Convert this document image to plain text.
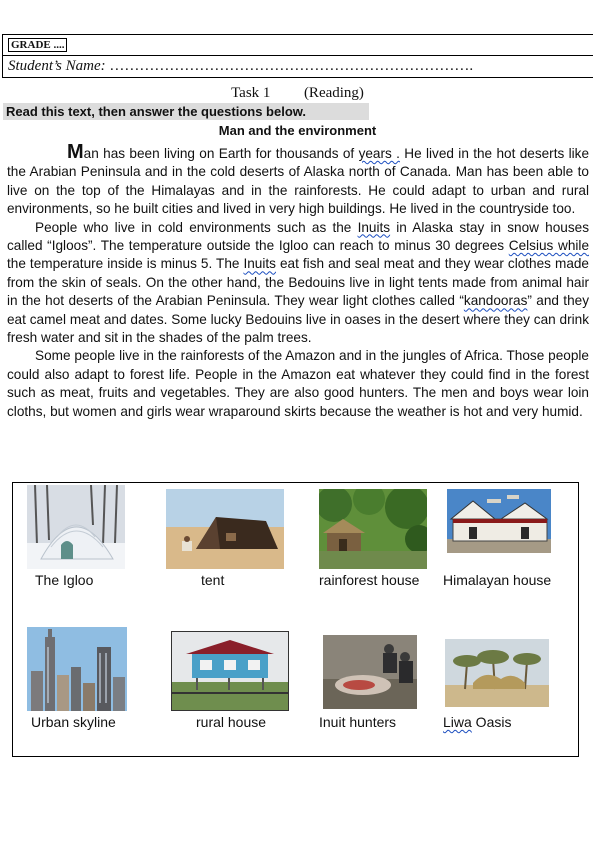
GRADE ....
Student’s Name: ……………………………………………………………….
Task 1 (Reading)
Read this text, then answer the questions below.
Man and the environment

Man has been living on Earth for thousands of years . He lived in the hot deserts like the Arabian Peninsula and in the cold deserts of Alaska north of Canada. Man has been able to live on the top of the Himalayas and in the rainforests. He could adapt to urban and rural environments, so he built cities and lived in very high buildings. He lived in the countryside too.

People who live in cold environments such as the Inuits in Alaska stay in snow houses called “Igloos”. The temperature outside the Igloo can reach to minus 30 degrees Celsius while the temperature inside is minus 5. The Inuits eat fish and seal meat and they wear clothes made from the skin of seals. On the other hand, the Bedouins live in light tents made from animal hair in the hot deserts of the Arabian Peninsula. They wear light clothes called “kandooras” and they eat camel meat and dates. Some lucky Bedouins live in oases in the desert where they can drink fresh water and sit in the shades of the palm trees.

Some people live in the rainforests of the Amazon and in the jungles of Africa. Those people could also adapt to forest life. People in the Amazon eat whatever they could find in the forest such as meat, fruits and vegetables. They are also good hunters. The men and boys wear loin cloths, but women and girls wear wraparound skirts because the weather is hot and very humid.

The Igloo	tent	rainforest house Himalayan house
Urban skyline	rural house	Inuit hunters	Liwa Oasis
